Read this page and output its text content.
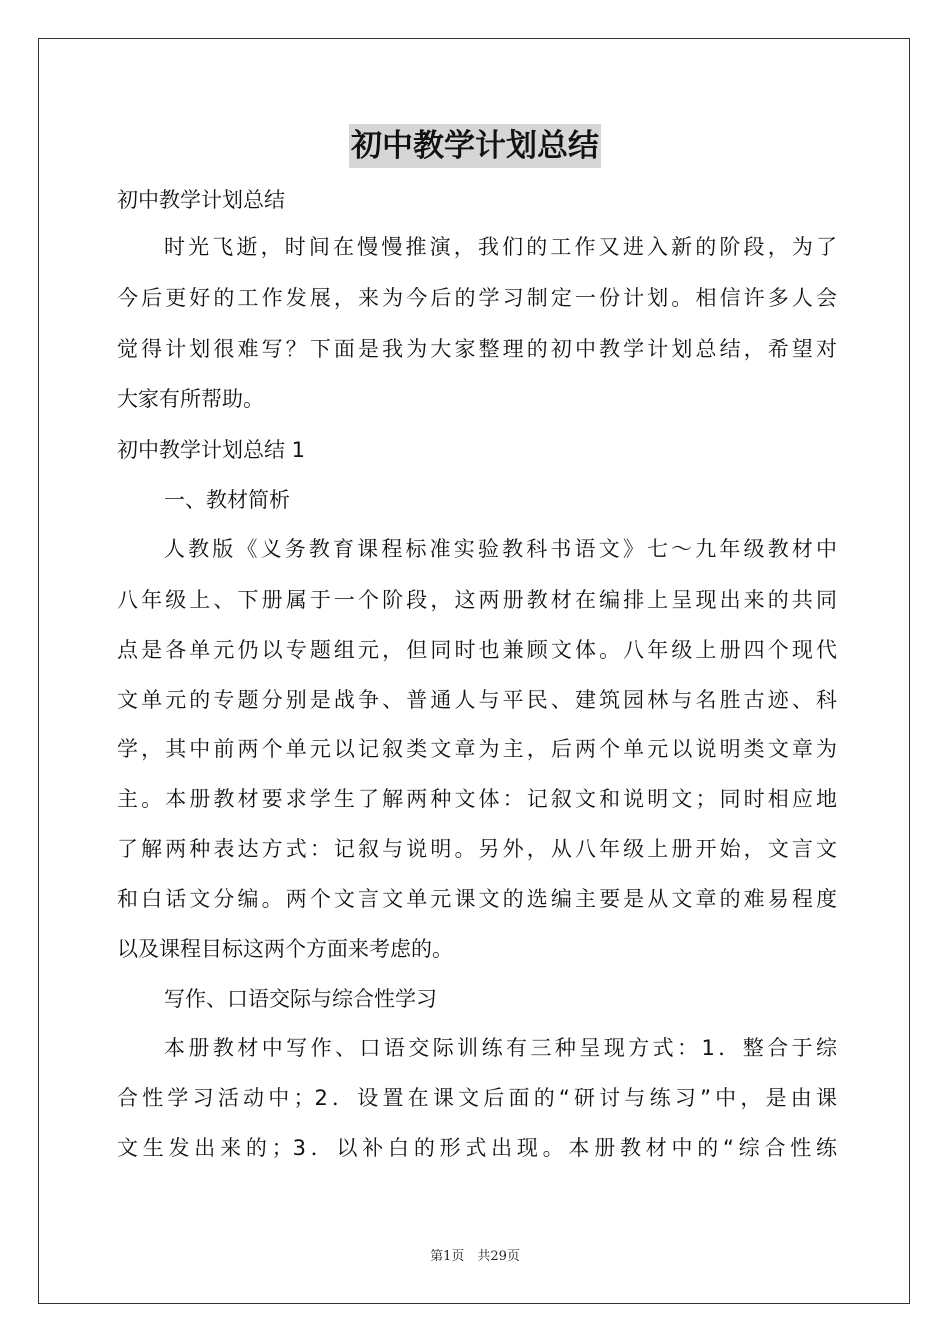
初中教学计划总结
初中教学计划总结
时光飞逝，时间在慢慢推演，我们的工作又进入新的阶段，为了
今后更好的工作发展，来为今后的学习制定一份计划。相信许多人会
觉得计划很难写？下面是我为大家整理的初中教学计划总结，希望对
大家有所帮助。
初中教学计划总结 1
一、教材简析
人教版《义务教育课程标准实验教科书语文》七～九年级教材中
八年级上、下册属于一个阶段，这两册教材在编排上呈现出来的共同
点是各单元仍以专题组元，但同时也兼顾文体。八年级上册四个现代
文单元的专题分别是战争、普通人与平民、建筑园林与名胜古迹、科
学，其中前两个单元以记叙类文章为主，后两个单元以说明类文章为
主。本册教材要求学生了解两种文体：记叙文和说明文；同时相应地
了解两种表达方式：记叙与说明。另外，从八年级上册开始，文言文
和白话文分编。两个文言文单元课文的选编主要是从文章的难易程度
以及课程目标这两个方面来考虑的。
写作、口语交际与综合性学习
本册教材中写作、口语交际训练有三种呈现方式：1．整合于综
合性学习活动中；2．设置在课文后面的“研讨与练习”中，是由课
文生发出来的；3．以补白的形式出现。本册教材中的“综合性练
第1页　共29页
